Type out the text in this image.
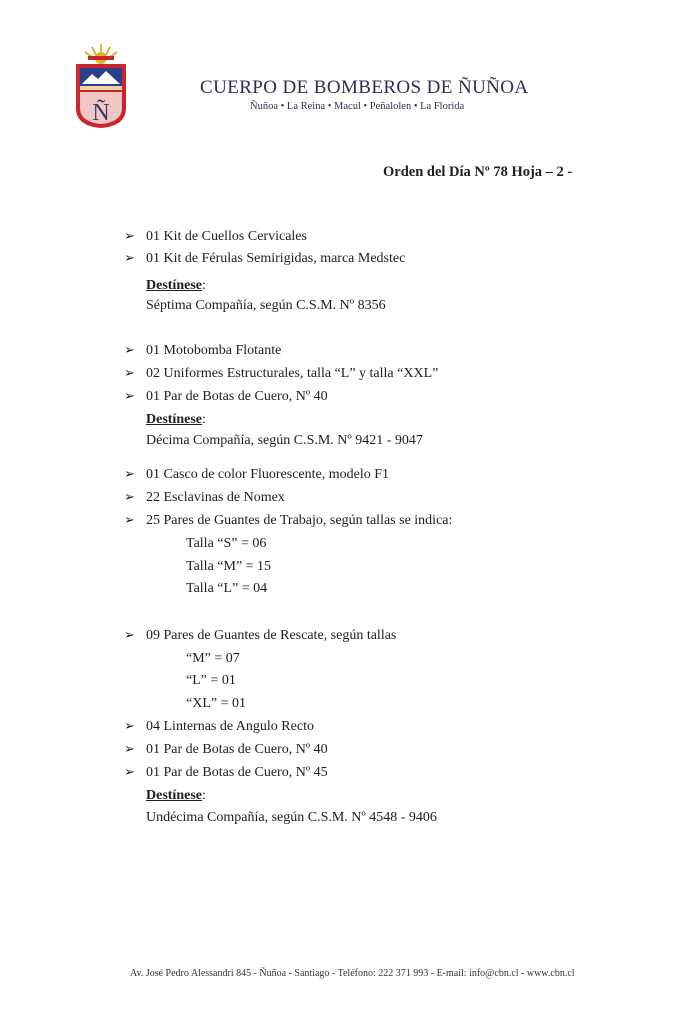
Ñ
CUERPO DE BOMBEROS DE ÑUÑOA
Ñuñoa • La Reina • Macul • Peñalolen • La Florida
Orden del Día Nº 78 Hoja – 2 -
➢ 01 Kit de Cuellos Cervicales
➢ 01 Kit de Férulas Semirigidas, marca Medstec
Destínese:
Séptima Compañía, según C.S.M. Nº 8356
➢ 01 Motobomba Flotante
➢ 02 Uniformes Estructurales, talla “L” y talla “XXL”
➢ 01 Par de Botas de Cuero, Nº 40
Destínese:
Décima Compañía, según C.S.M. Nº 9421 - 9047
➢ 01 Casco de color Fluorescente, modelo F1
➢ 22 Esclavinas de Nomex
➢ 25 Pares de Guantes de Trabajo, según tallas se indica:
Talla “S” = 06
Talla “M” = 15
Talla “L” = 04
➢ 09 Pares de Guantes de Rescate, según tallas
“M” = 07
“L” = 01
“XL” = 01
➢ 04 Linternas de Angulo Recto
➢ 01 Par de Botas de Cuero, Nº 40
➢ 01 Par de Botas de Cuero, Nº 45
Destínese:
Undécima Compañía, según C.S.M. Nº 4548 - 9406
Av. José Pedro Alessandri 845 - Ñuñoa - Santiago - Teléfono: 222 371 993 - E-mail: info@cbn.cl - www.cbn.cl
